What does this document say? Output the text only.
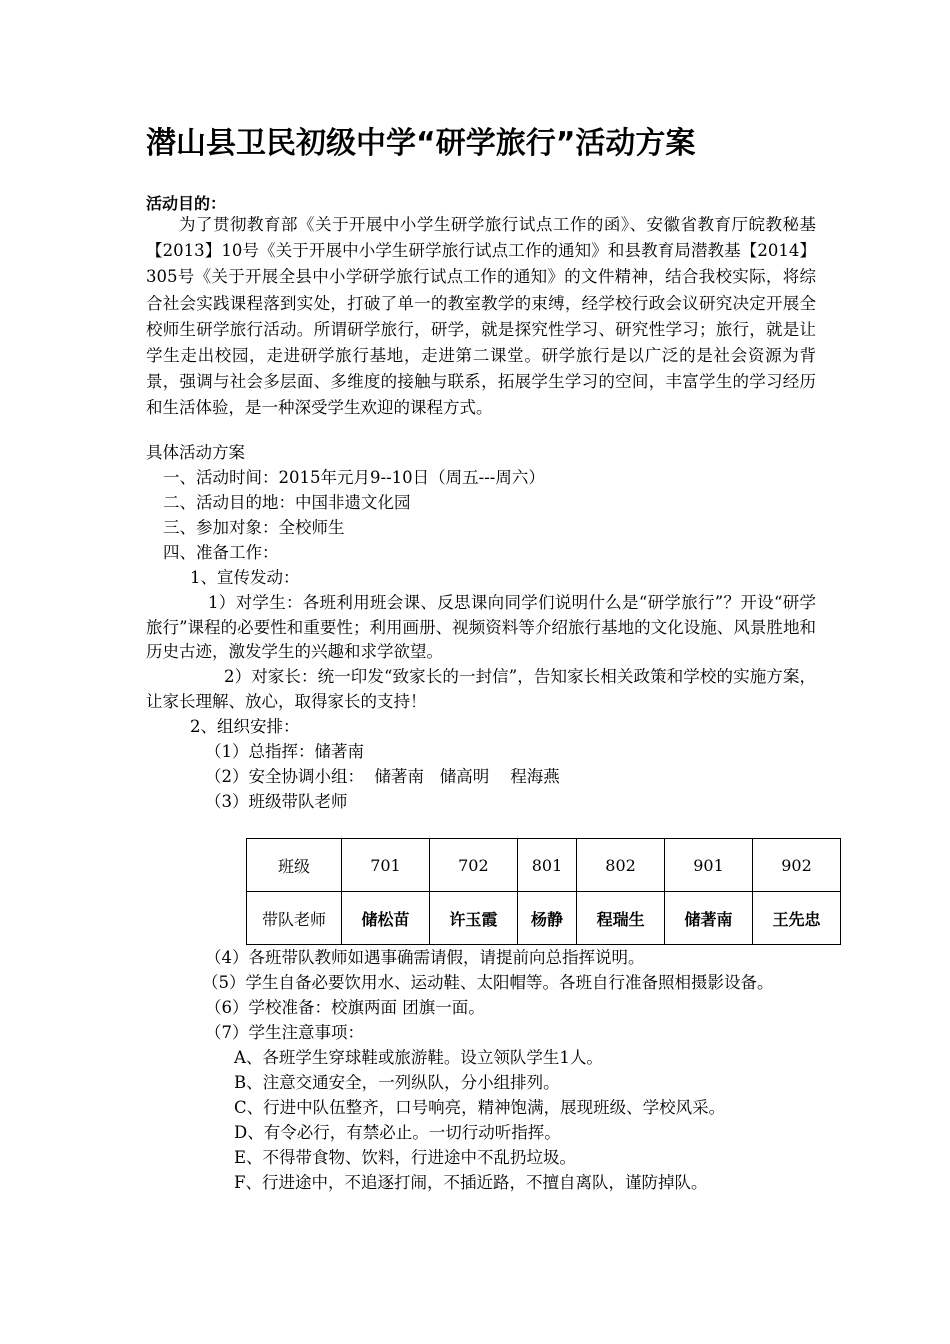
潜山县卫民初级中学“研学旅行”活动方案
活动目的：
为了贯彻教育部《关于开展中小学生研学旅行试点工作的函》、安徽省教育厅皖教秘基【2013】10号《关于开展中小学生研学旅行试点工作的通知》和县教育局潜教基【2014】305号《关于开展全县中小学研学旅行试点工作的通知》的文件精神，结合我校实际，将综合社会实践课程落到实处，打破了单一的教室教学的束缚，经学校行政会议研究决定开展全校师生研学旅行活动。所谓研学旅行，研学，就是探究性学习、研究性学习；旅行，就是让学生走出校园，走进研学旅行基地，走进第二课堂。研学旅行是以广泛的是社会资源为背景，强调与社会多层面、多维度的接触与联系，拓展学生学习的空间，丰富学生的学习经历和生活体验，是一种深受学生欢迎的课程方式。
具体活动方案
一、活动时间：2015年元月9--10日（周五---周六）
二、活动目的地：中国非遗文化园
三、参加对象：全校师生
四、准备工作：
1、宣传发动：
1）对学生：各班利用班会课、反思课向同学们说明什么是“研学旅行”？开设“研学旅行”课程的必要性和重要性；利用画册、视频资料等介绍旅行基地的文化设施、风景胜地和历史古迹，激发学生的兴趣和求学欲望。
2）对家长：统一印发“致家长的一封信”，告知家长相关政策和学校的实施方案，让家长理解、放心，取得家长的支持！
2、组织安排：
（1）总指挥：储著南
（2）安全协调小组：  储著南   储高明    程海燕
（3）班级带队老师
班级	701	702	801	802	901	902
带队老师	储松苗	许玉霞	杨静	程瑞生	储著南	王先忠
（4）各班带队教师如遇事确需请假，请提前向总指挥说明。
（5）学生自备必要饮用水、运动鞋、太阳帽等。各班自行准备照相摄影设备。
（6）学校准备：校旗两面 团旗一面。
（7）学生注意事项：
A、各班学生穿球鞋或旅游鞋。设立领队学生1人。
B、注意交通安全，一列纵队，分小组排列。
C、行进中队伍整齐，口号响亮，精神饱满，展现班级、学校风采。
D、有令必行，有禁必止。一切行动听指挥。
E、不得带食物、饮料，行进途中不乱扔垃圾。
F、行进途中，不追逐打闹，不插近路，不擅自离队，谨防掉队。
